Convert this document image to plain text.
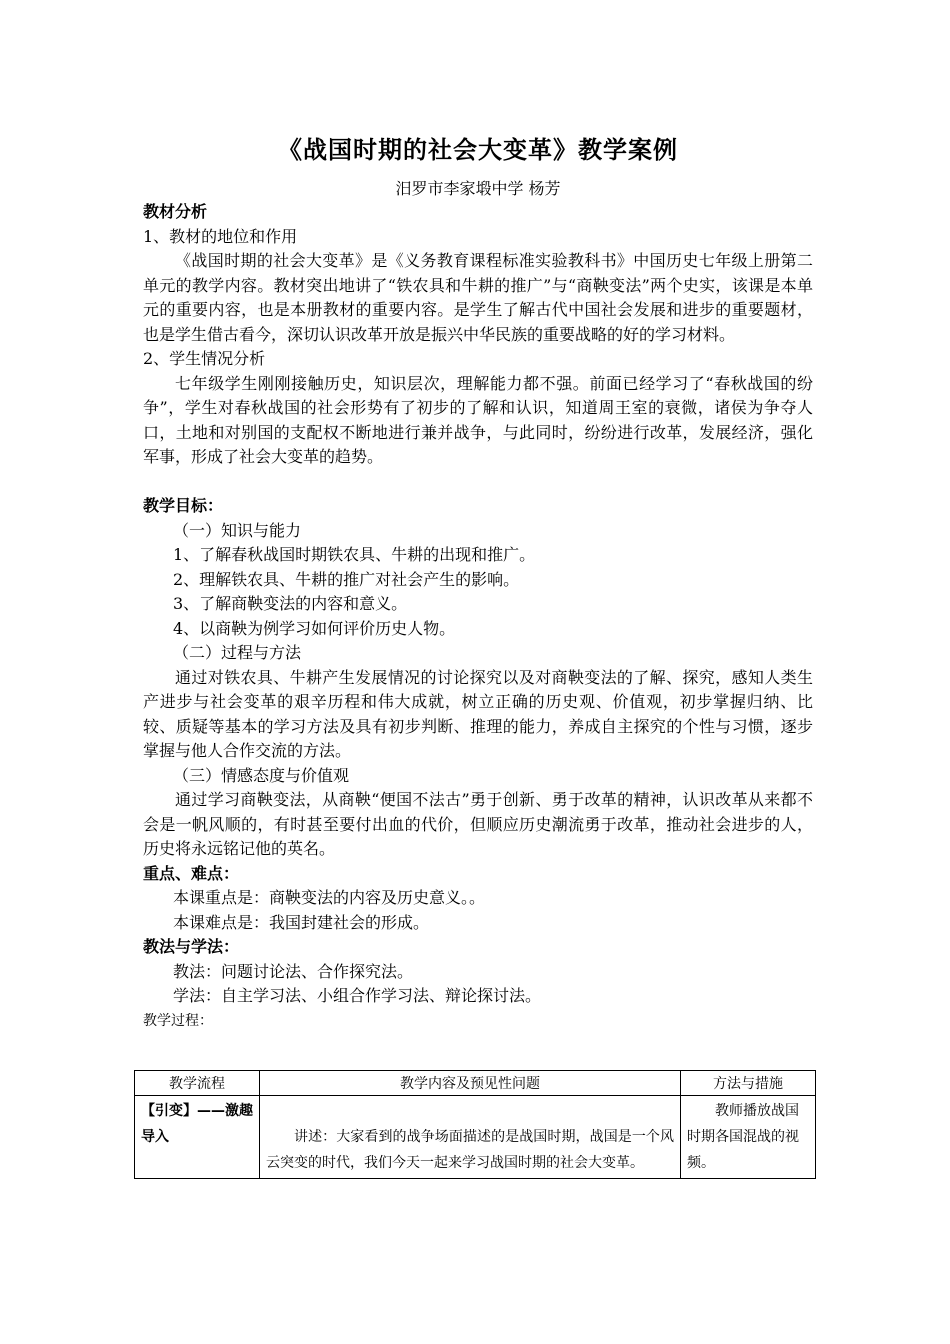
《战国时期的社会大变革》教学案例
汨罗市李家塅中学 杨芳
教材分析
1、教材的地位和作用

《战国时期的社会大变革》是《义务教育课程标准实验教科书》中国历史七年级上册第二单元的教学内容。教材突出地讲了“铁农具和牛耕的推广”与“商鞅变法”两个史实，该课是本单元的重要内容，也是本册教材的重要内容。是学生了解古代中国社会发展和进步的重要题材，也是学生借古看今，深切认识改革开放是振兴中华民族的重要战略的好的学习材料。

2、学生情况分析

七年级学生刚刚接触历史，知识层次，理解能力都不强。前面已经学习了“春秋战国的纷争”，学生对春秋战国的社会形势有了初步的了解和认识，知道周王室的衰微，诸侯为争夺人口，土地和对别国的支配权不断地进行兼并战争，与此同时，纷纷进行改革，发展经济，强化军事，形成了社会大变革的趋势。

教学目标：
（一）知识与能力
1、了解春秋战国时期铁农具、牛耕的出现和推广。
2、理解铁农具、牛耕的推广对社会产生的影响。
3、了解商鞅变法的内容和意义。
4、以商鞅为例学习如何评价历史人物。
（二）过程与方法

通过对铁农具、牛耕产生发展情况的讨论探究以及对商鞅变法的了解、探究，感知人类生产进步与社会变革的艰辛历程和伟大成就，树立正确的历史观、价值观，初步掌握归纳、比较、质疑等基本的学习方法及具有初步判断、推理的能力，养成自主探究的个性与习惯，逐步掌握与他人合作交流的方法。

（三）情感态度与价值观

通过学习商鞅变法，从商鞅“便国不法古”勇于创新、勇于改革的精神，认识改革从来都不会是一帆风顺的，有时甚至要付出血的代价，但顺应历史潮流勇于改革，推动社会进步的人，历史将永远铭记他的英名。

重点、难点：
本课重点是：商鞅变法的内容及历史意义。。
本课难点是：我国封建社会的形成。
教法与学法：
教法：问题讨论法、合作探究法。
学法：自主学习法、小组合作学习法、辩论探讨法。
教学过程：
教学流程	教学内容及预见性问题	方法与措施
【引变】——激趣导入	讲述：大家看到的战争场面描述的是战国时期，战国是一个风云突变的时代，我们今天一起来学习战国时期的社会大变革。	教师播放战国时期各国混战的视频。
